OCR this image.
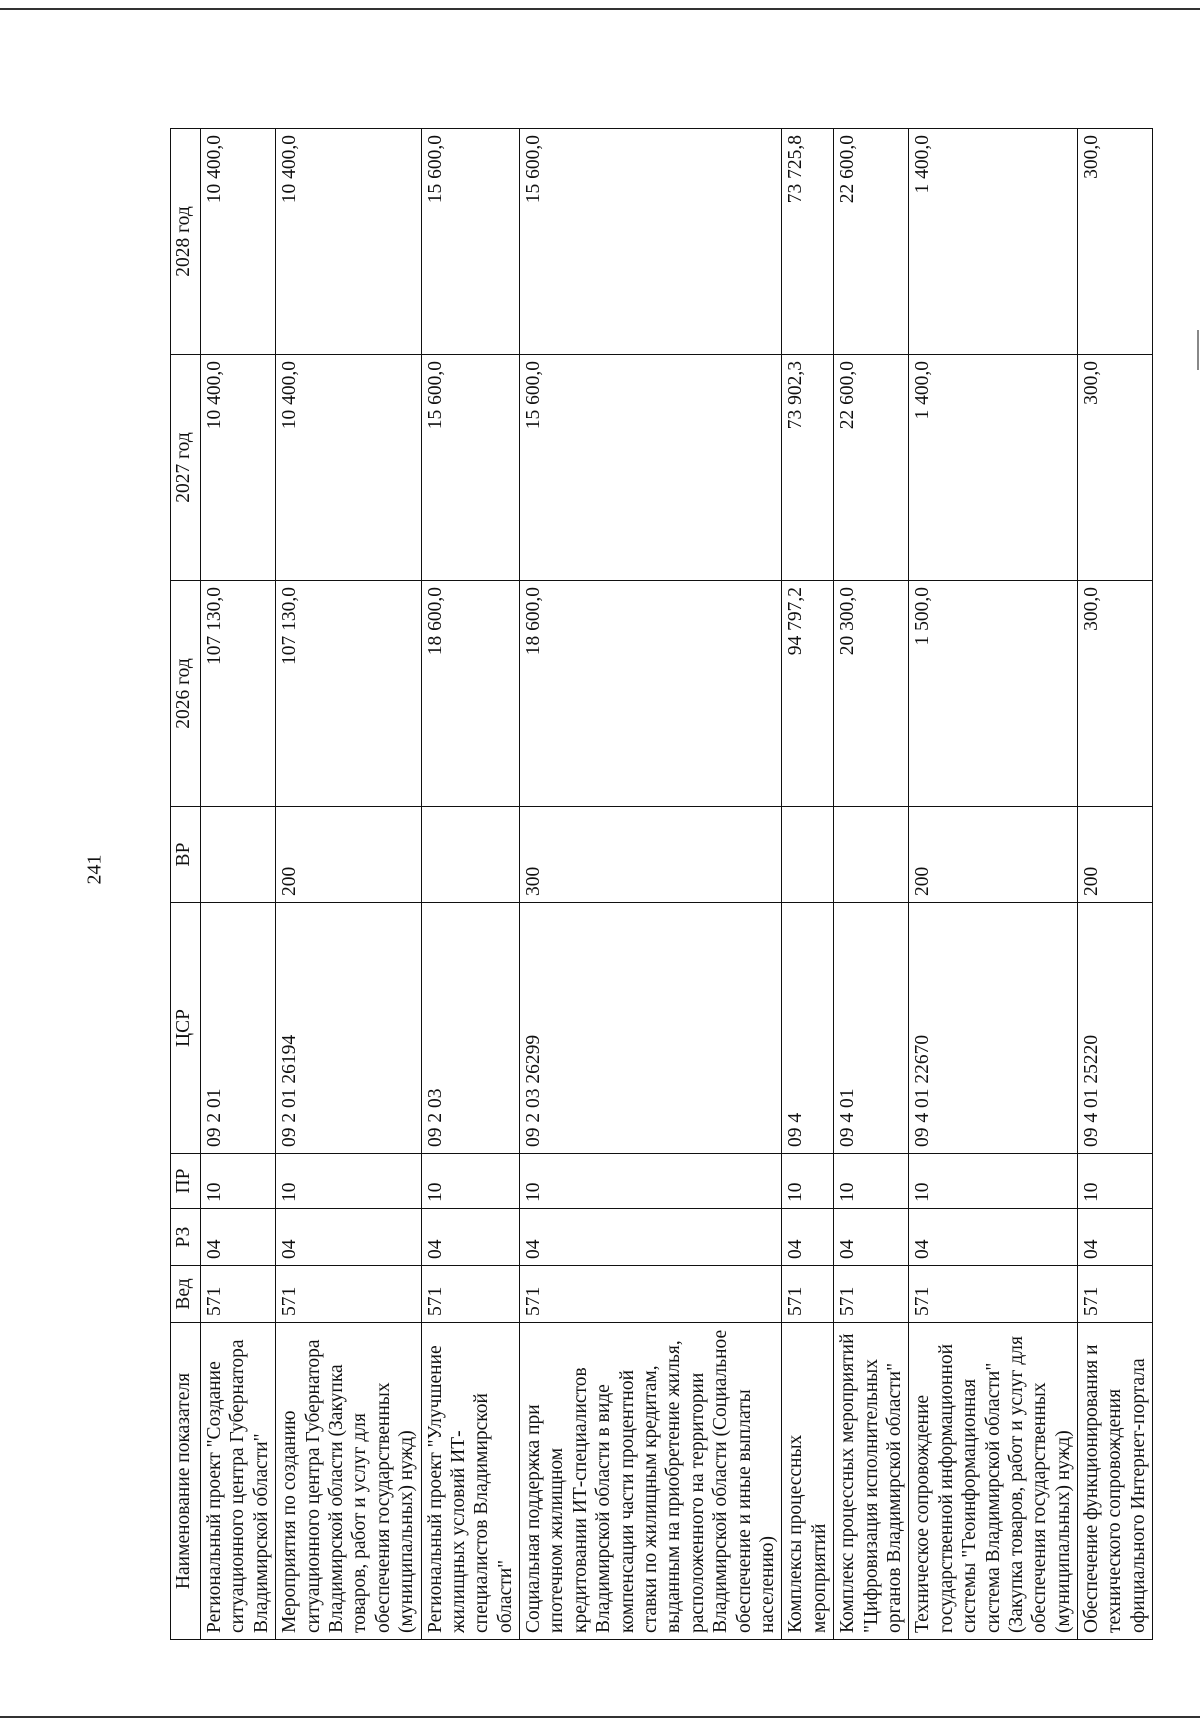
241
Наименование показателя	Вед	РЗ	ПР	ЦСР	ВР	2026 год	2027 год	2028 год
Региональный проект "Создание ситуационного центра Губернатора Владимирской области"	571	04	10	09 2 01		107 130,0	10 400,0	10 400,0
Мероприятия по созданию ситуационного центра Губернатора Владимирской области (Закупка товаров, работ и услуг для обеспечения государственных (муниципальных) нужд)	571	04	10	09 2 01 26194	200	107 130,0	10 400,0	10 400,0
Региональный проект "Улучшение жилищных условий ИТ-специалистов Владимирской области"	571	04	10	09 2 03		18 600,0	15 600,0	15 600,0
Социальная поддержка при ипотечном жилищном кредитовании ИТ-специалистов Владимирской области в виде компенсации части процентной ставки по жилищным кредитам, выданным на приобретение жилья, расположенного на территории Владимирской области (Социальное обеспечение и иные выплаты населению)	571	04	10	09 2 03 26299	300	18 600,0	15 600,0	15 600,0
Комплексы процессных мероприятий	571	04	10	09 4		94 797,2	73 902,3	73 725,8
Комплекс процессных мероприятий "Цифровизация исполнительных органов Владимирской области"	571	04	10	09 4 01		20 300,0	22 600,0	22 600,0
Техническое сопровождение государственной информационной системы "Геоинформационная система Владимирской области" (Закупка товаров, работ и услуг для обеспечения государственных (муниципальных) нужд)	571	04	10	09 4 01 22670	200	1 500,0	1 400,0	1 400,0
Обеспечение функционирования и технического сопровождения официального Интернет-портала	571	04	10	09 4 01 25220	200	300,0	300,0	300,0
